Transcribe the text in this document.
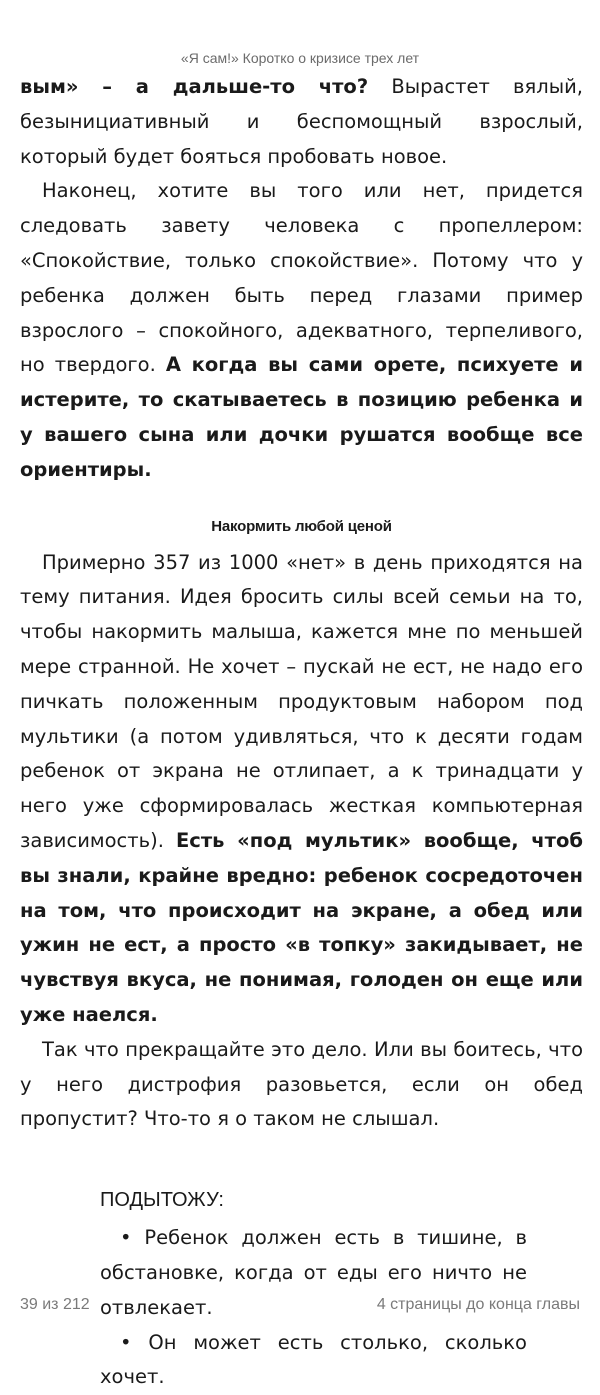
«Я сам!» Коротко о кризисе трех лет

вым» – а дальше-то что? Вырастет вялый, безынициативный и беспомощный взрослый, который будет бояться пробовать новое.

Наконец, хотите вы того или нет, придется следовать завету человека с пропеллером: «Спокойствие, только спокойствие». Потому что у ребенка должен быть перед глазами пример взрослого – спокойного, адекватного, терпеливого, но твердого. А когда вы сами орете, психуете и истерите, то скатываетесь в позицию ребенка и у вашего сына или дочки рушатся вообще все ориентиры.

Накормить любой ценой

Примерно 357 из 1000 «нет» в день приходятся на тему питания. Идея бросить силы всей семьи на то, чтобы накормить малыша, кажется мне по меньшей мере странной. Не хочет – пускай не ест, не надо его пичкать положенным продуктовым набором под мультики (а потом удивляться, что к десяти годам ребенок от экрана не отлипает, а к тринадцати у него уже сформировалась жесткая компьютерная зависимость). Есть «под мультик» вообще, чтоб вы знали, крайне вредно: ребенок сосредоточен на том, что происходит на экране, а обед или ужин не ест, а просто «в топку» закидывает, не чувствуя вкуса, не понимая, голоден он еще или уже наелся.

Так что прекращайте это дело. Или вы боитесь, что у него дистрофия разовьется, если он обед пропустит? Что-то я о таком не слышал.

ПОДЫТОЖУ:

• Ребенок должен есть в тишине, в обстановке, когда от еды его ничто не отвлекает.

• Он может есть столько, сколько хочет.

39 из 212	4 страницы до конца главы
